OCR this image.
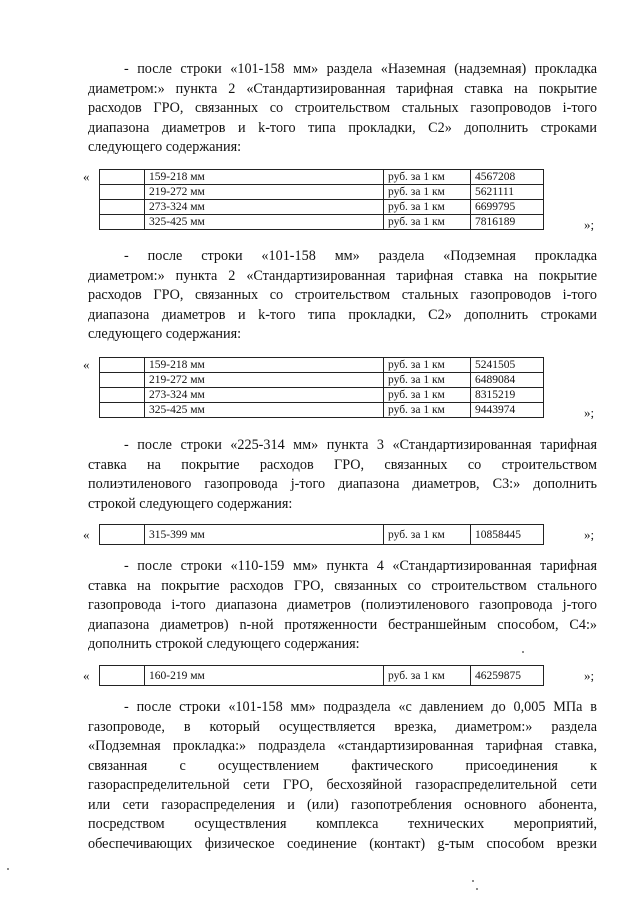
- после строки «101-158 мм» раздела «Наземная (надземная) прокладка
диаметром:» пункта 2 «Стандартизированная тарифная ставка на покрытие
расходов ГРО, связанных со строительством стальных газопроводов i-того
диапазона диаметров и k-того типа прокладки, С2» дополнить строками
следующего содержания:
«
		159-218 мм	руб. за 1 км	4567208
	219-272 мм	руб. за 1 км	5621111
	273-324 мм	руб. за 1 км	6699795
	325-425 мм	руб. за 1 км	7816189	»;
- после строки «101-158 мм» раздела «Подземная прокладка
диаметром:» пункта 2 «Стандартизированная тарифная ставка на покрытие
расходов ГРО, связанных со строительством стальных газопроводов i-того
диапазона диаметров и k-того типа прокладки, С2» дополнить строками
следующего содержания:
«
		159-218 мм	руб. за 1 км	5241505
	219-272 мм	руб. за 1 км	6489084
	273-324 мм	руб. за 1 км	8315219
	325-425 мм	руб. за 1 км	9443974	»;
- после строки «225-314 мм» пункта 3 «Стандартизированная тарифная
ставка на покрытие расходов ГРО, связанных со строительством
полиэтиленового газопровода j-того диапазона диаметров, С3:» дополнить
строкой следующего содержания:
«
		315-399 мм	руб. за 1 км	10858445	»;
- после строки «110-159 мм» пункта 4 «Стандартизированная тарифная
ставка на покрытие расходов ГРО, связанных со строительством стального
газопровода i-того диапазона диаметров (полиэтиленового газопровода j-того
диапазона диаметров) n-ной протяженности бестраншейным способом, С4:»
дополнить строкой следующего содержания:
«
		160-219 мм	руб. за 1 км	46259875	»;
- после строки «101-158 мм» подраздела «с давлением до 0,005 МПа в
газопроводе, в который осуществляется врезка, диаметром:» раздела
«Подземная прокладка:» подраздела «стандартизированная тарифная ставка,
связанная с осуществлением фактического присоединения к
газораспределительной сети ГРО, бесхозяйной газораспределительной сети
или сети газораспределения и (или) газопотребления основного абонента,
посредством осуществления комплекса технических мероприятий,
обеспечивающих физическое соединение (контакт) g-тым способом врезки
